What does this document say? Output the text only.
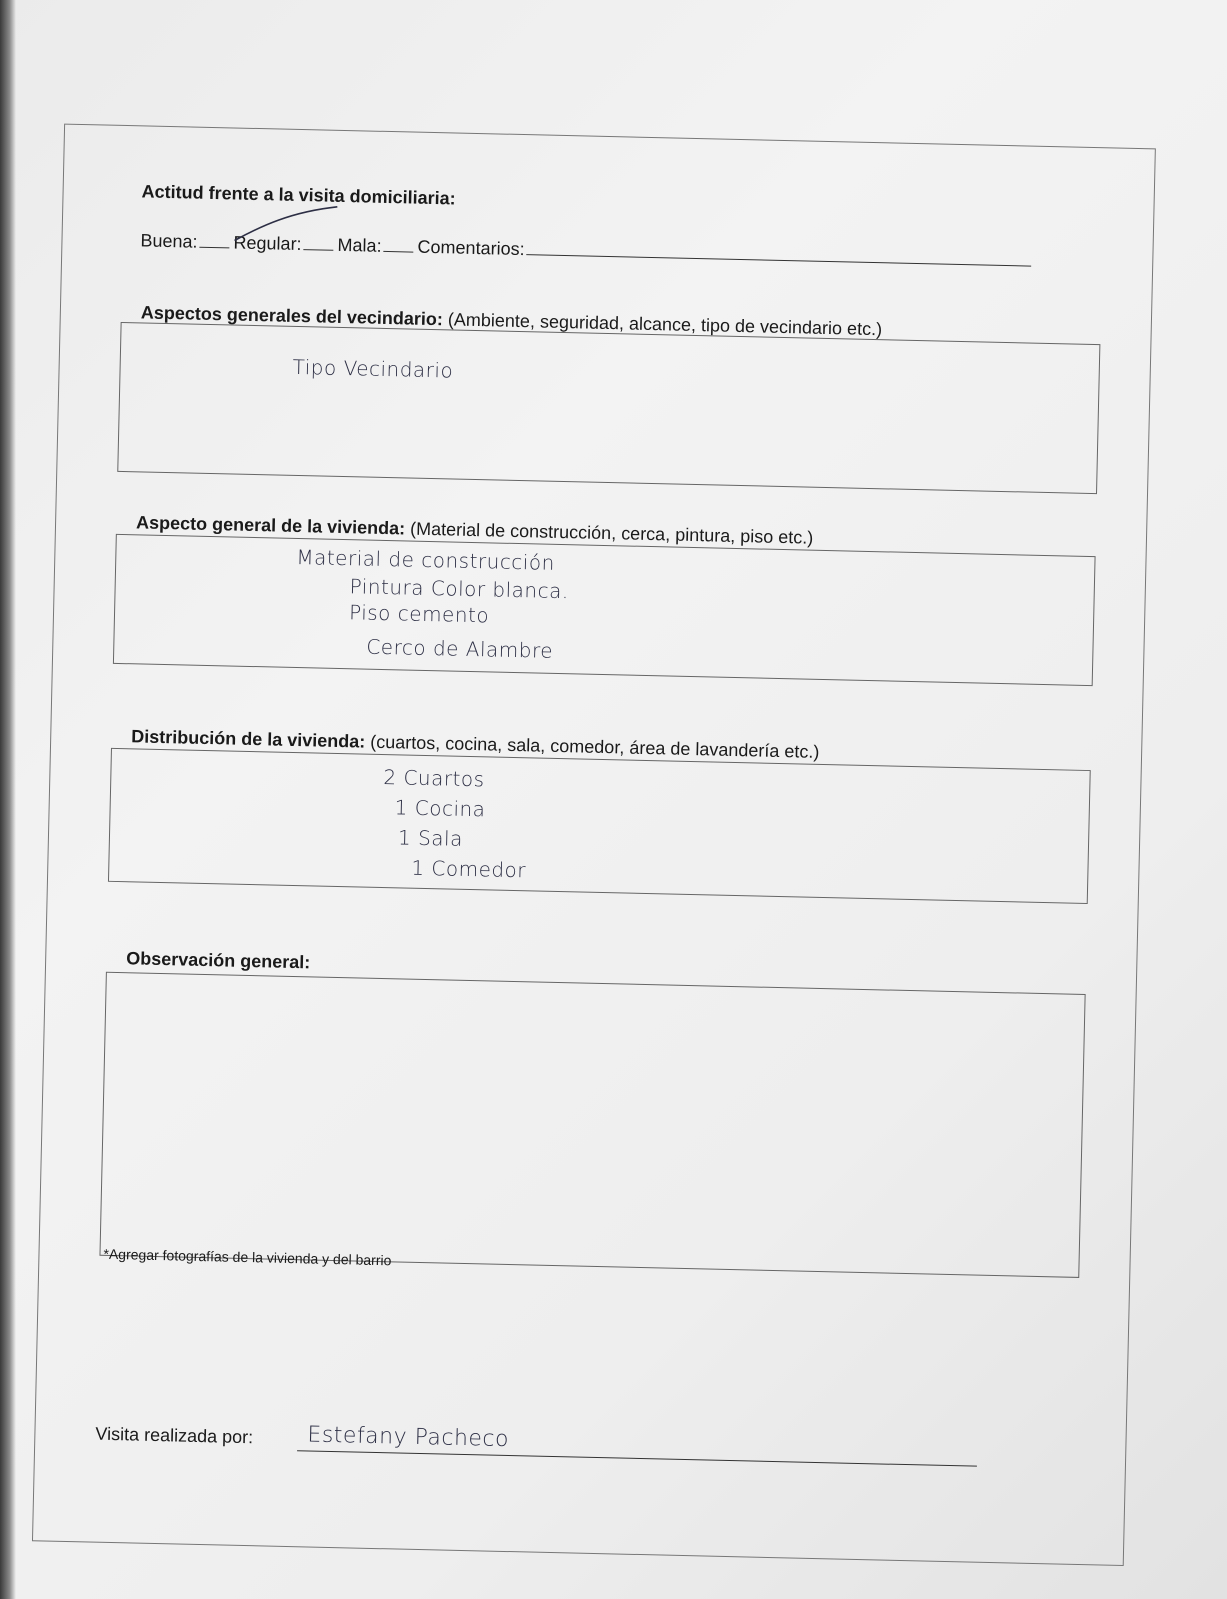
Actitud frente a la visita domiciliaria:
Buena: Regular: Mala: Comentarios:
Aspectos generales del vecindario: (Ambiente, seguridad, alcance, tipo de vecindario etc.)
Tipo Vecindario
Aspecto general de la vivienda: (Material de construcción, cerca, pintura, piso etc.)
Material de construcción
Pintura Color blanca.
Piso cemento
Cerco de Alambre
Distribución de la vivienda: (cuartos, cocina, sala, comedor, área de lavandería etc.)
2 Cuartos
1 Cocina
1 Sala
1 Comedor
Observación general:
*Agregar fotografías de la vivienda y del barrio
Visita realizada por: Estefany Pacheco
